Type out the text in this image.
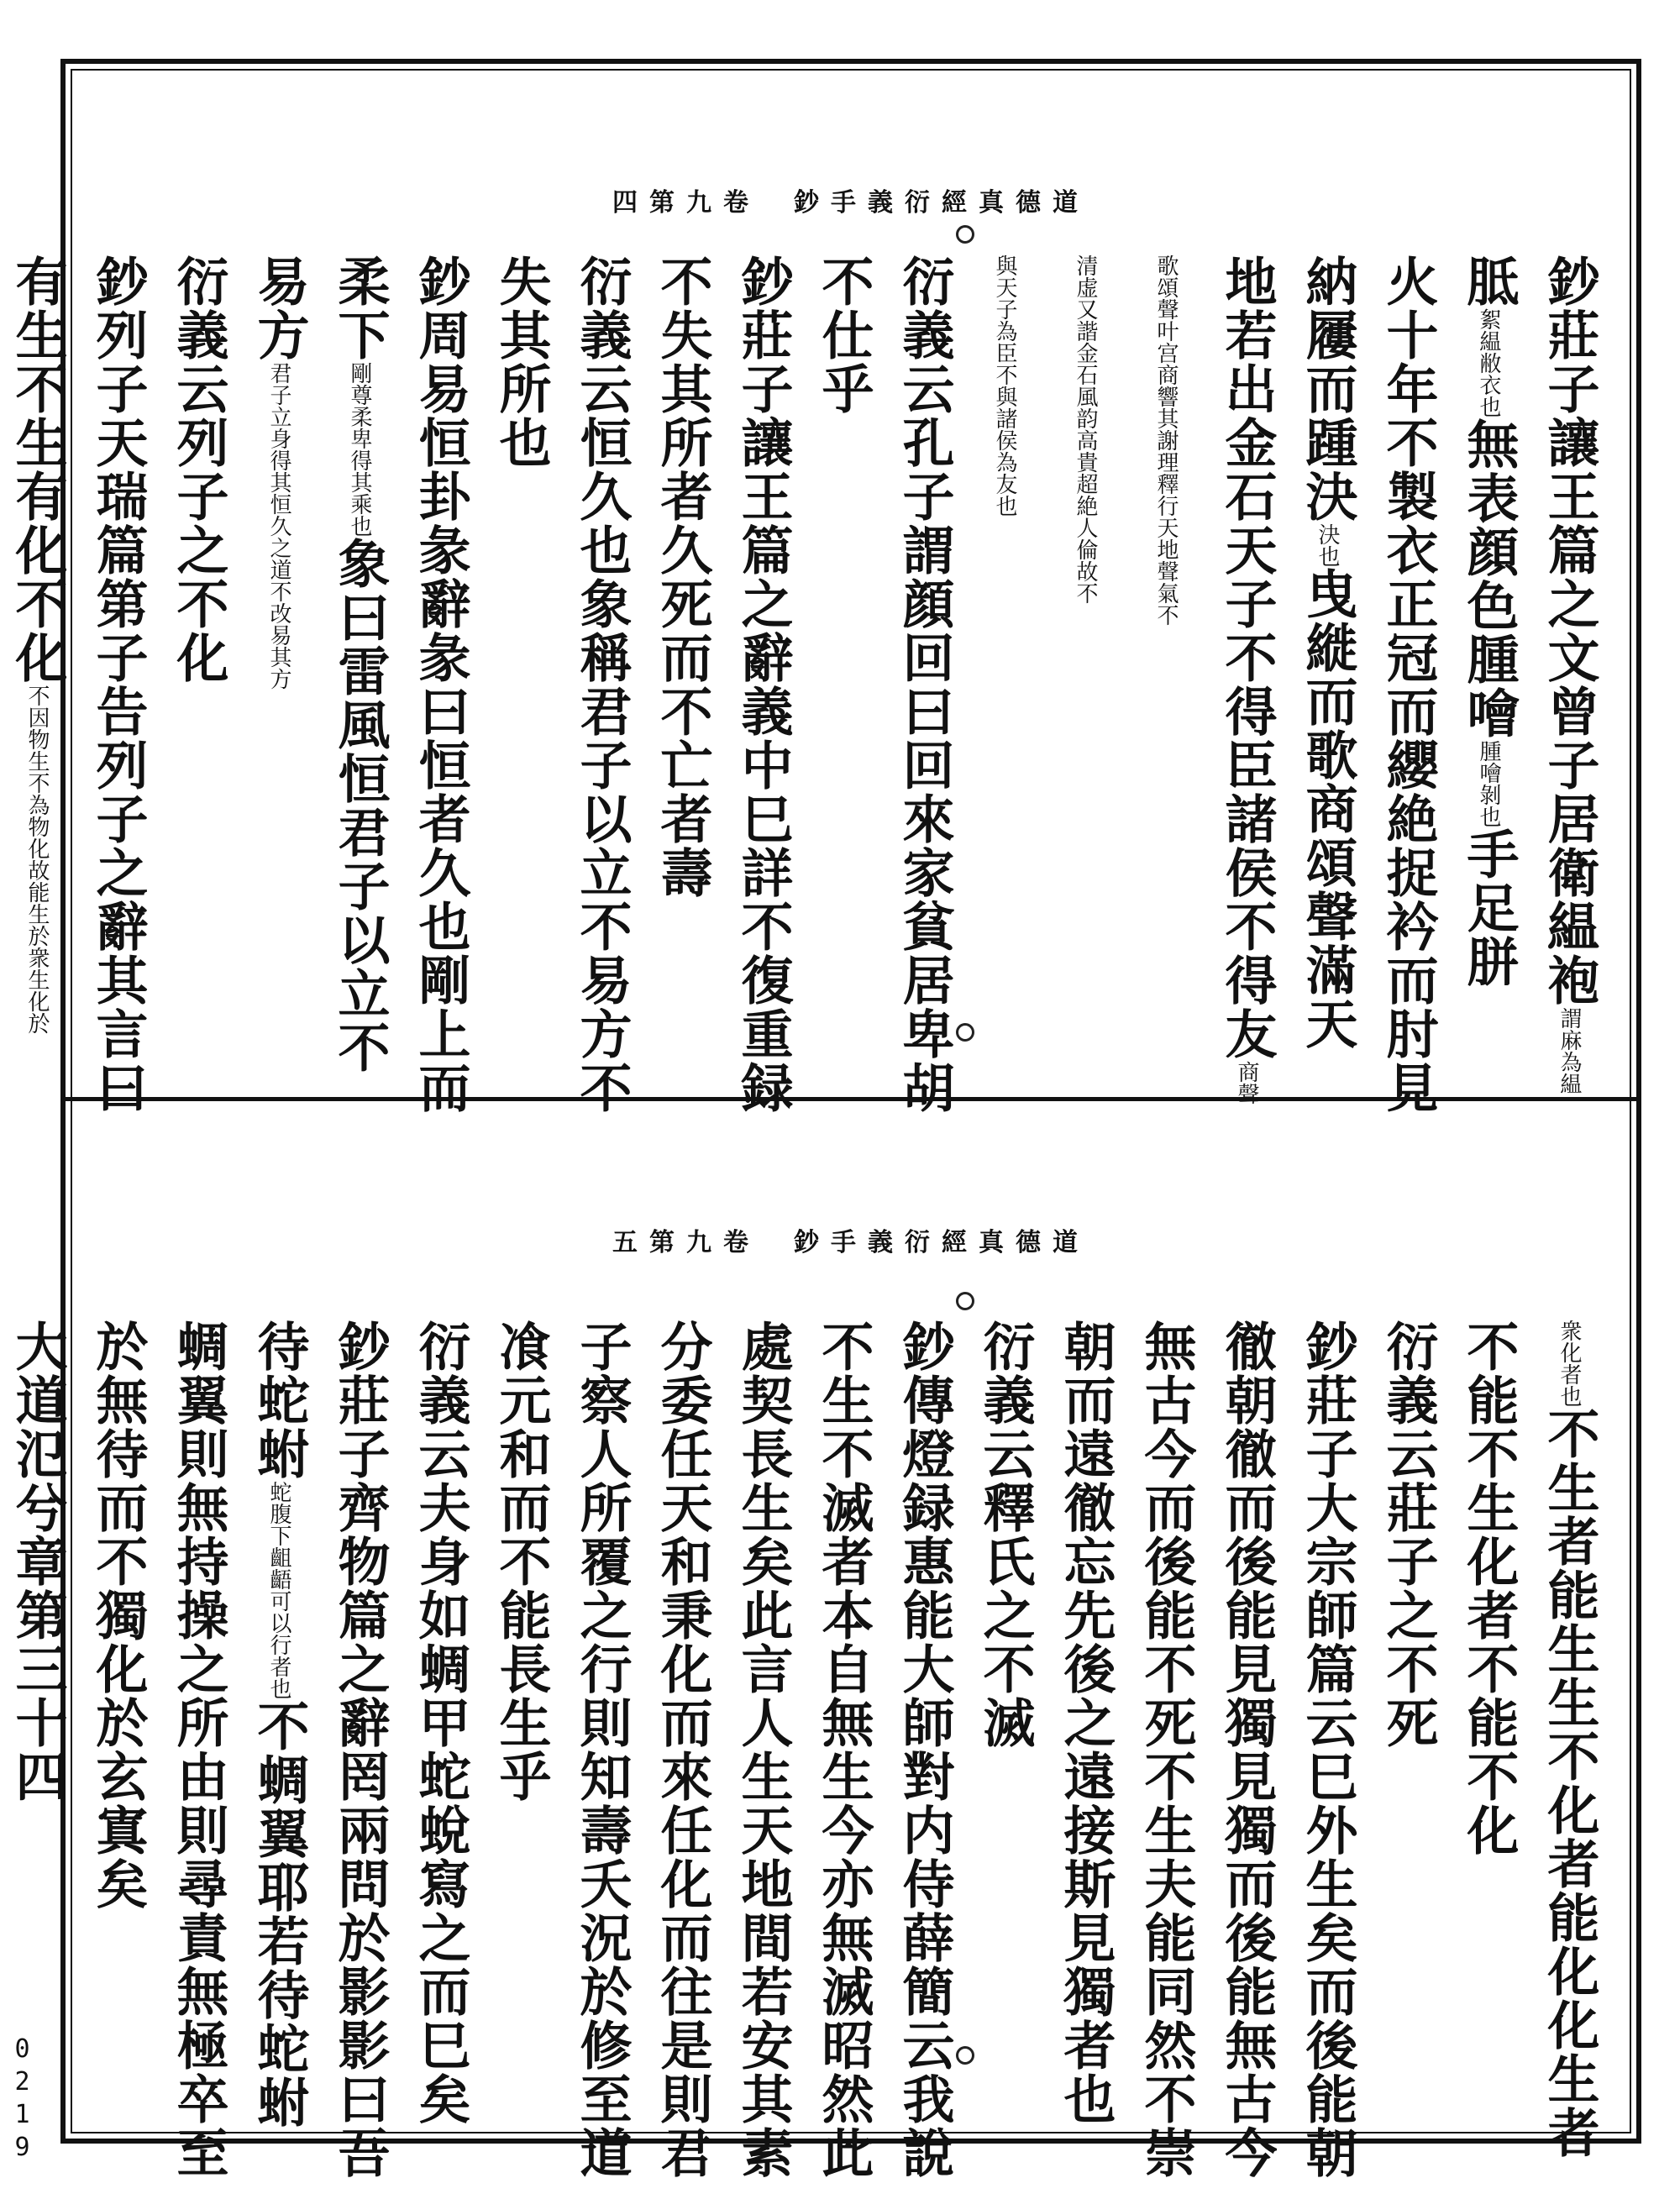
四第九卷 鈔手義衍經真德道
鈔莊子讓王篇之文曾子居衛緼袍謂麻為緼
胝絮緼敝衣也無表顔色腫噲腫噲剝也手足胼
火十年不製衣正冠而纓絶捉衿而肘見
納屨而踵決決也曳縰而歌商頌聲滿天
地若出金石天子不得臣諸侯不得友商聲
歌頌聲叶宫商響其謝理釋行天地聲氣不
清虚又諧金石風韵高貴超絶人倫故不
與天子為臣不與諸侯為友也
衍義云孔子謂顔回曰回來家貧居卑胡
不仕乎
鈔莊子讓王篇之辭義中巳詳不復重録
不失其所者久死而不亡者壽
衍義云恒久也象稱君子以立不易方不
失其所也
鈔周易恒卦彖辭彖曰恒者久也剛上而
柔下剛尊柔卑得其乘也象曰雷風恒君子以立不
易方君子立身得其恒久之道不改易其方
衍義云列子之不化
鈔列子天瑞篇第子告列子之辭其言曰
有生不生有化不化不因物生不為物化故能生於衆生化於
五第九卷 鈔手義衍經真德道
衆化者也不生者能生生不化者能化化生者
不能不生化者不能不化
衍義云莊子之不死
鈔莊子大宗師篇云巳外生矣而後能朝
徹朝徹而後能見獨見獨而後能無古今
無古今而後能不死不生夫能同然不崇
朝而遠徹忘先後之遠接斯見獨者也
衍義云釋氏之不滅
鈔傳燈録惠能大師對内侍薛簡云我說
不生不滅者本自無生今亦無滅昭然此
處契長生矣此言人生天地間若安其素
分委任天和秉化而來任化而往是則君
子察人所覆之行則知壽夭況於修至道
飡元和而不能長生乎
衍義云夫身如蜩甲蛇蛻寫之而巳矣
鈔莊子齊物篇之辭罔兩問於影影曰吾
待蛇蚹蛇腹下齟齬可以行者也不蜩翼耶若待蛇蚹
蜩翼則無持操之所由則尋責無極卒至
於無待而不獨化於玄寘矣
大道氾兮章第三十四
0219
